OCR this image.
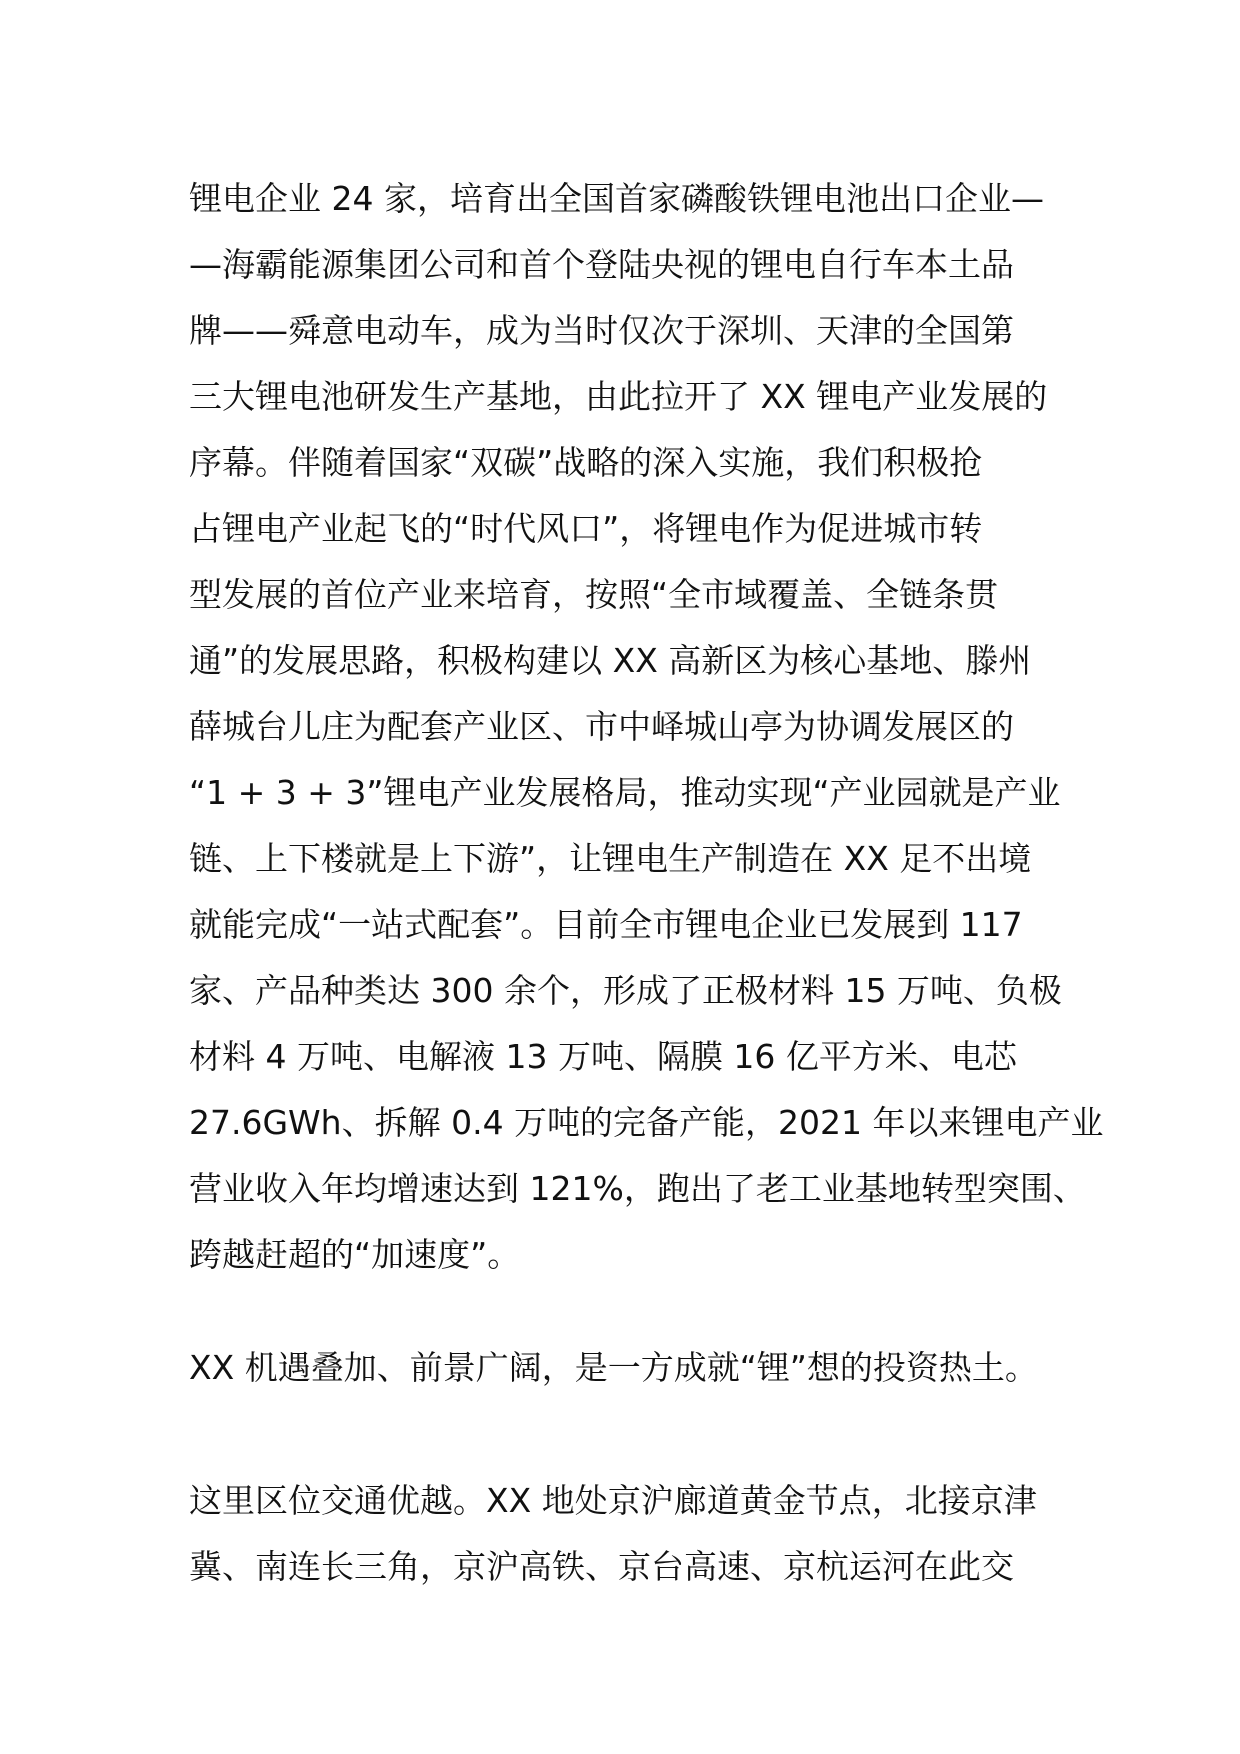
锂电企业 24 家，培育出全国首家磷酸铁锂电池出口企业—
—海霸能源集团公司和首个登陆央视的锂电自行车本土品
牌——舜意电动车，成为当时仅次于深圳、天津的全国第
三大锂电池研发生产基地，由此拉开了 XX 锂电产业发展的
序幕。伴随着国家“双碳”战略的深入实施，我们积极抢
占锂电产业起飞的“时代风口”，将锂电作为促进城市转
型发展的首位产业来培育，按照“全市域覆盖、全链条贯
通”的发展思路，积极构建以 XX 高新区为核心基地、滕州
薛城台儿庄为配套产业区、市中峄城山亭为协调发展区的
“1 + 3 + 3”锂电产业发展格局，推动实现“产业园就是产业
链、上下楼就是上下游”，让锂电生产制造在 XX 足不出境
就能完成“一站式配套”。目前全市锂电企业已发展到 117
家、产品种类达 300 余个，形成了正极材料 15 万吨、负极
材料 4 万吨、电解液 13 万吨、隔膜 16 亿平方米、电芯
27.6GWh、拆解 0.4 万吨的完备产能，2021 年以来锂电产业
营业收入年均增速达到 121%，跑出了老工业基地转型突围、
跨越赶超的“加速度”。
XX 机遇叠加、前景广阔，是一方成就“锂”想的投资热土。
这里区位交通优越。XX 地处京沪廊道黄金节点，北接京津
冀、南连长三角，京沪高铁、京台高速、京杭运河在此交
